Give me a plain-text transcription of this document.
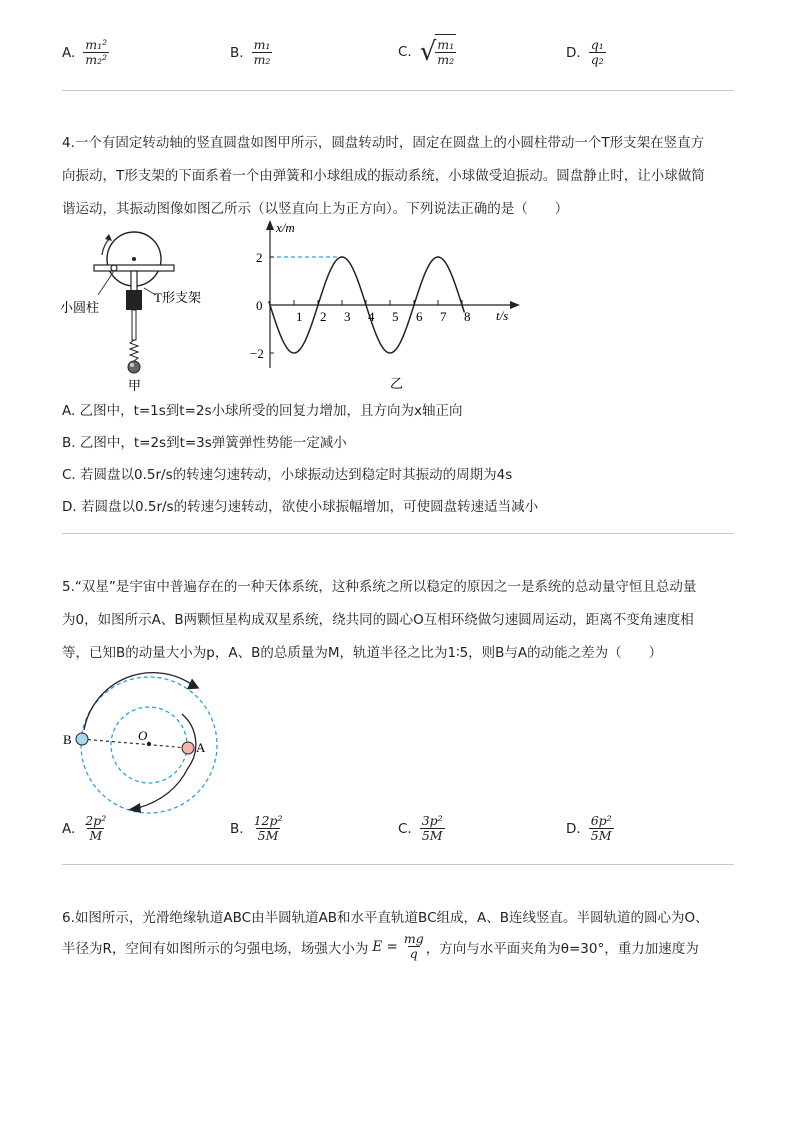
A. $\frac{\text{m₁²}}{\text{m₂²}}$	B. $\frac{\text{m₁}}{\text{m₂}}$	C. √ $\frac{\text{m₁}}{\text{m₂}}$	D. $\frac{\text{q₁}}{\text{q₂}}$
4.一个有固定转动轴的竖直圆盘如图甲所示，圆盘转动时，固定在圆盘上的小圆柱带动一个T形支架在竖直方
向振动，T形支架的下面系着一个由弹簧和小球组成的振动系统，小球做受迫振动。圆盘静止时，让小球做简
谐运动，其振动图像如图乙所示（以竖直向上为正方向）。下列说法正确的是（　　）
小圆柱
T形支架
甲
x/m
t/s
乙
1 2 3 4 5 6 7 8
2
0
−2
A. 乙图中，t=1s到t=2s小球所受的回复力增加，且方向为x轴正向
B. 乙图中，t=2s到t=3s弹簧弹性势能一定减小
C. 若圆盘以0.5r/s的转速匀速转动，小球振动达到稳定时其振动的周期为4s
D. 若圆盘以0.5r/s的转速匀速转动，欲使小球振幅增加，可使圆盘转速适当减小
5.“双星”是宇宙中普遍存在的一种天体系统，这种系统之所以稳定的原因之一是系统的总动量守恒且总动量
为0，如图所示A、B两颗恒星构成双星系统，绕共同的圆心O互相环绕做匀速圆周运动，距离不变角速度相
等，已知B的动量大小为p，A、B的总质量为M，轨道半径之比为1∶5，则B与A的动能之差为（　　）
B	O
A
A. $\frac{\text{2p²}}{M}$	B. $\frac{\text{12p²}}{5M}$	C. $\frac{\text{3p²}}{5M}$	D. $\frac{\text{6p²}}{5M}$
6.如图所示，光滑绝缘轨道ABC由半圆轨道AB和水平直轨道BC组成，A、B连线竖直。半圆轨道的圆心为O、
半径为R，空间有如图所示的匀强电场，场强大小为 $E = \frac{mg}{q}$ ，方向与水平面夹角为θ=30°，重力加速度为
